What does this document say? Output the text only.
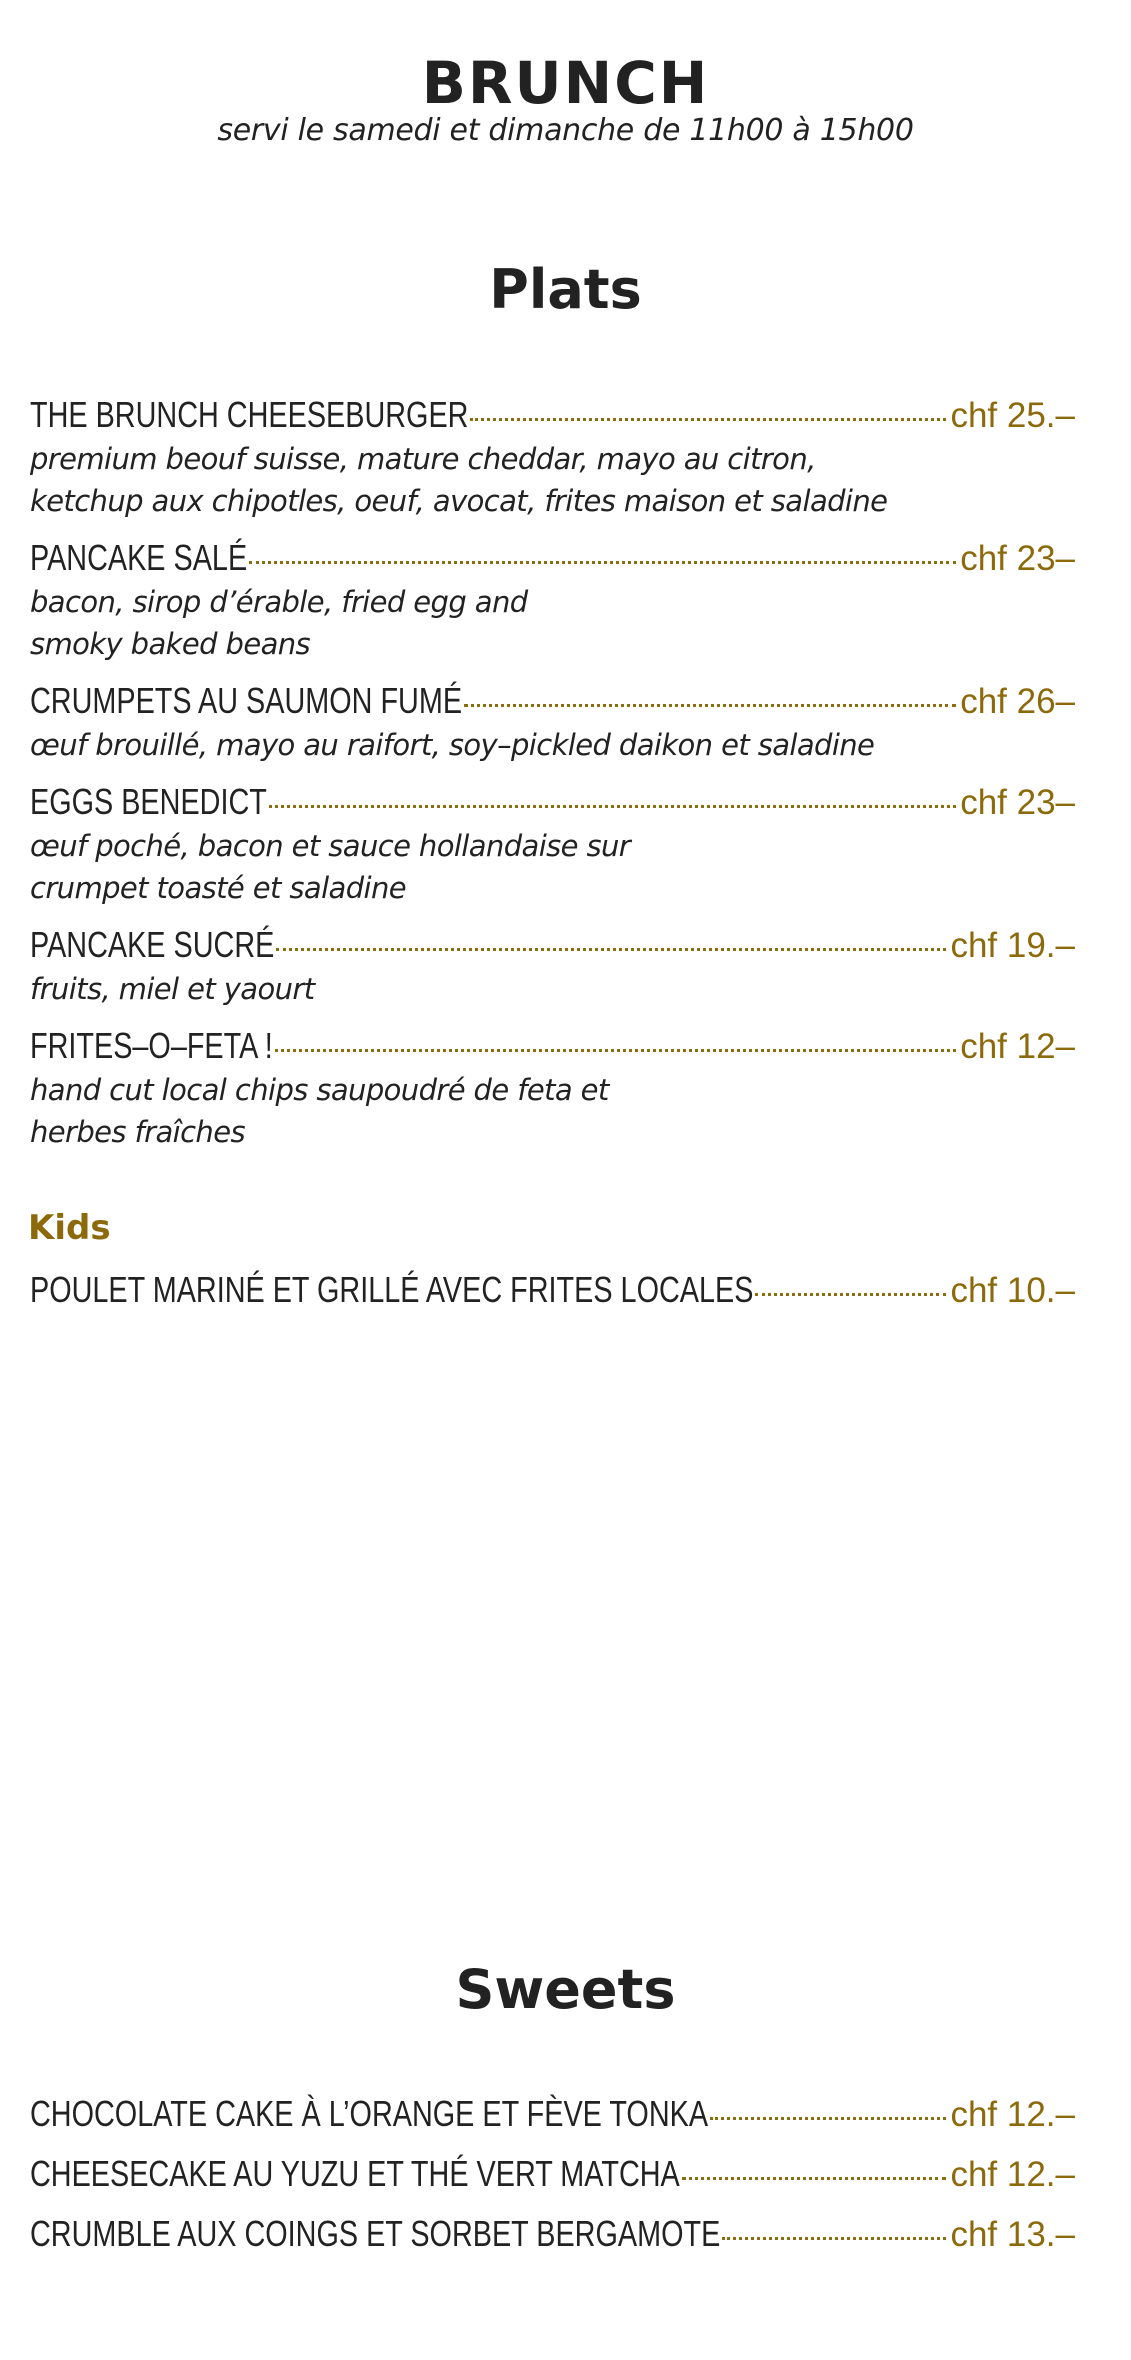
BRUNCH
servi le samedi et dimanche de 11h00 à 15h00
Plats
THE BRUNCH CHEESEBURGER	chf 25.–
premium beouf suisse, mature cheddar, mayo au citron,
ketchup aux chipotles, oeuf, avocat, frites maison et saladine
PANCAKE SALÉ	chf 23–
bacon, sirop d’érable, fried egg and
smoky baked beans
CRUMPETS AU SAUMON FUMÉ	chf 26–
œuf brouillé, mayo au raifort, soy–pickled daikon et saladine
EGGS BENEDICT	chf 23–
œuf poché, bacon et sauce hollandaise sur
crumpet toasté et saladine
PANCAKE SUCRÉ	chf 19.–
fruits, miel et yaourt
FRITES–O–FETA !	chf 12–
hand cut local chips saupoudré de feta et
herbes fraîches
Kids
POULET MARINÉ ET GRILLÉ AVEC FRITES LOCALES	chf 10.–
Sweets
CHOCOLATE CAKE À L’ORANGE ET FÈVE TONKA	chf 12.–
CHEESECAKE AU YUZU ET THÉ VERT MATCHA	chf 12.–
CRUMBLE AUX COINGS ET SORBET BERGAMOTE	chf 13.–
